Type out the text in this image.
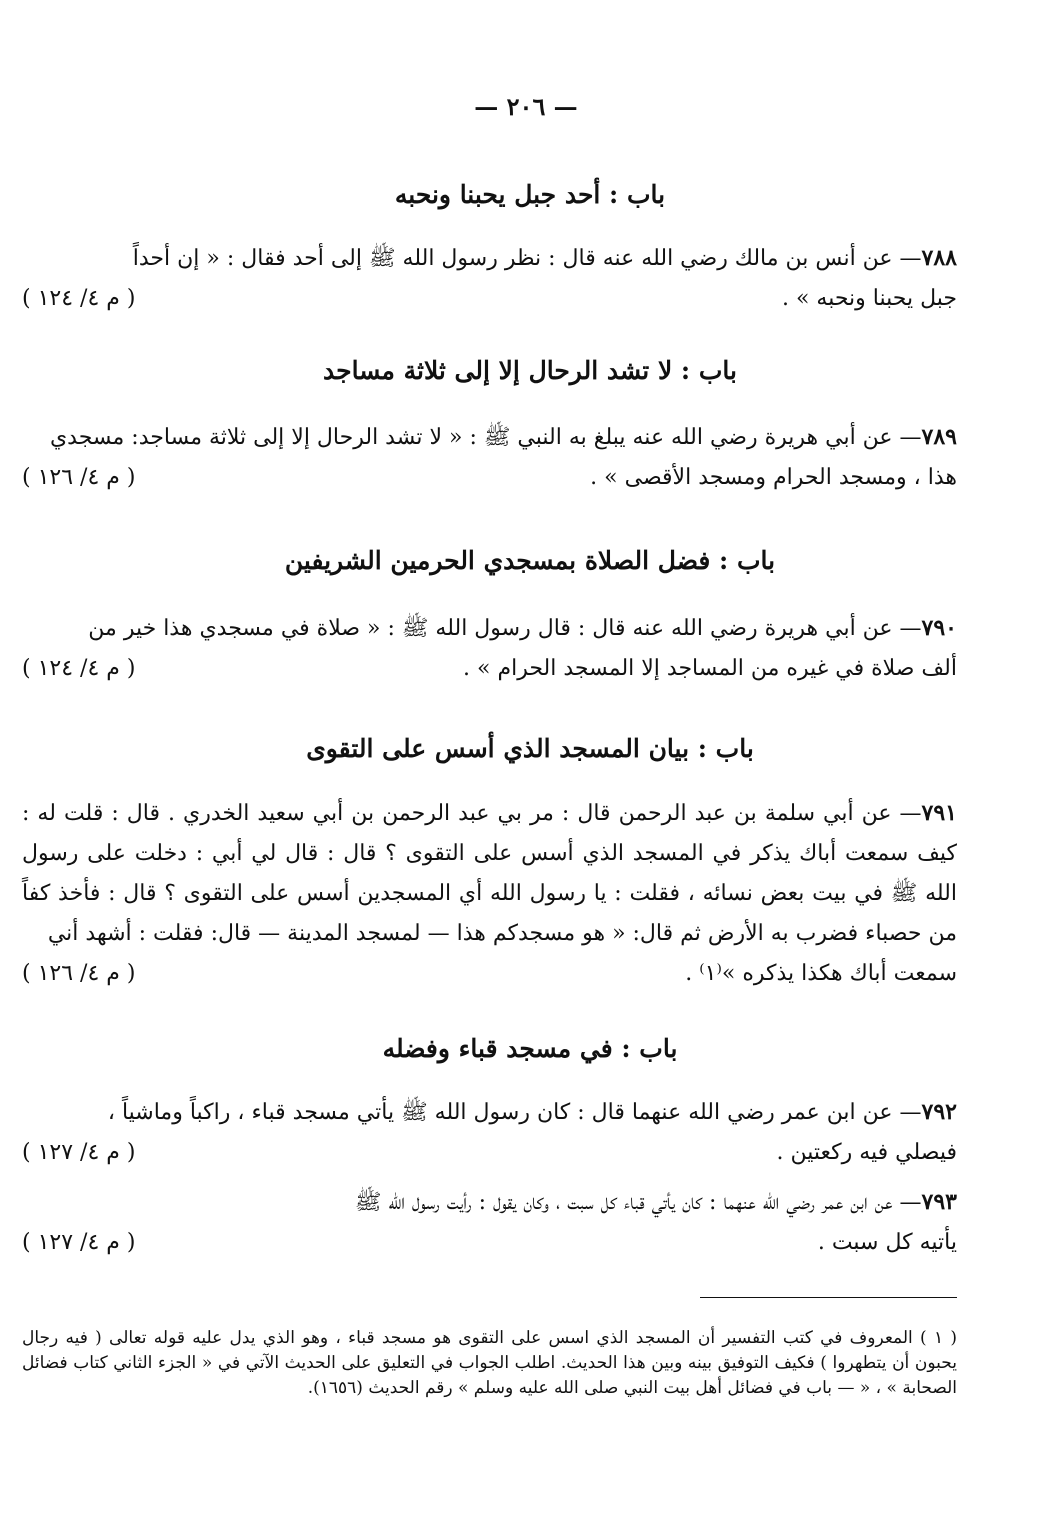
— ٢٠٦ —
باب : أحد جبل يحبنا ونحبه

٧٨٨— عن أنس بن مالك رضي الله عنه قال : نظر رسول الله ﷺ إلى أحد فقال : « إن أحداً

جبل يحبنا ونحبه » .
( م ٤/ ١٢٤ )
باب : لا تشد الرحال إلا إلى ثلاثة مساجد

٧٨٩— عن أبي هريرة رضي الله عنه يبلغ به النبي ﷺ : « لا تشد الرحال إلا إلى ثلاثة مساجد: مسجدي

هذا ، ومسجد الحرام ومسجد الأقصى » .
( م ٤/ ١٢٦ )
باب : فضل الصلاة بمسجدي الحرمين الشريفين

٧٩٠— عن أبي هريرة رضي الله عنه قال : قال رسول الله ﷺ : « صلاة في مسجدي هذا خير من

ألف صلاة في غيره من المساجد إلا المسجد الحرام » .
( م ٤/ ١٢٤ )
باب : بيان المسجد الذي أسس على التقوى

٧٩١— عن أبي سلمة بن عبد الرحمن قال : مر بي عبد الرحمن بن أبي سعيد الخدري . قال : قلت له : كيف سمعت أباك يذكر في المسجد الذي أسس على التقوى ؟ قال : قال لي أبي : دخلت على رسول الله ﷺ في بيت بعض نسائه ، فقلت : يا رسول الله أي المسجدين أسس على التقوى ؟ قال : فأخذ كفاً من حصباء فضرب به الأرض ثم قال: « هو مسجدكم هذا — لمسجد المدينة — قال: فقلت : أشهد أني

سمعت أباك هكذا يذكره »⁽١⁾ .
( م ٤/ ١٢٦ )
باب : في مسجد قباء وفضله

٧٩٢— عن ابن عمر رضي الله عنهما قال : كان رسول الله ﷺ يأتي مسجد قباء ، راكباً وماشياً ،

فيصلي فيه ركعتين .
( م ٤/ ١٢٧ )

٧٩٣— عن ابن عمر رضي الله عنهما : كان يأتي قباء كل سبت ، وكان يقول : رأيت رسول الله ﷺ

يأتيه كل سبت .
( م ٤/ ١٢٧ )
( ١ ) المعروف في كتب التفسير أن المسجد الذي اسس على التقوى هو مسجد قباء ، وهو الذي يدل عليه قوله تعالى ( فيه رجال يحبون أن يتطهروا ) فكيف التوفيق بينه وبين هذا الحديث. اطلب الجواب في التعليق على الحديث الآتي في « الجزء الثاني كتاب فضائل الصحابة » ، « — باب في فضائل أهل بيت النبي صلى الله عليه وسلم » رقم الحديث (١٦٥٦).
